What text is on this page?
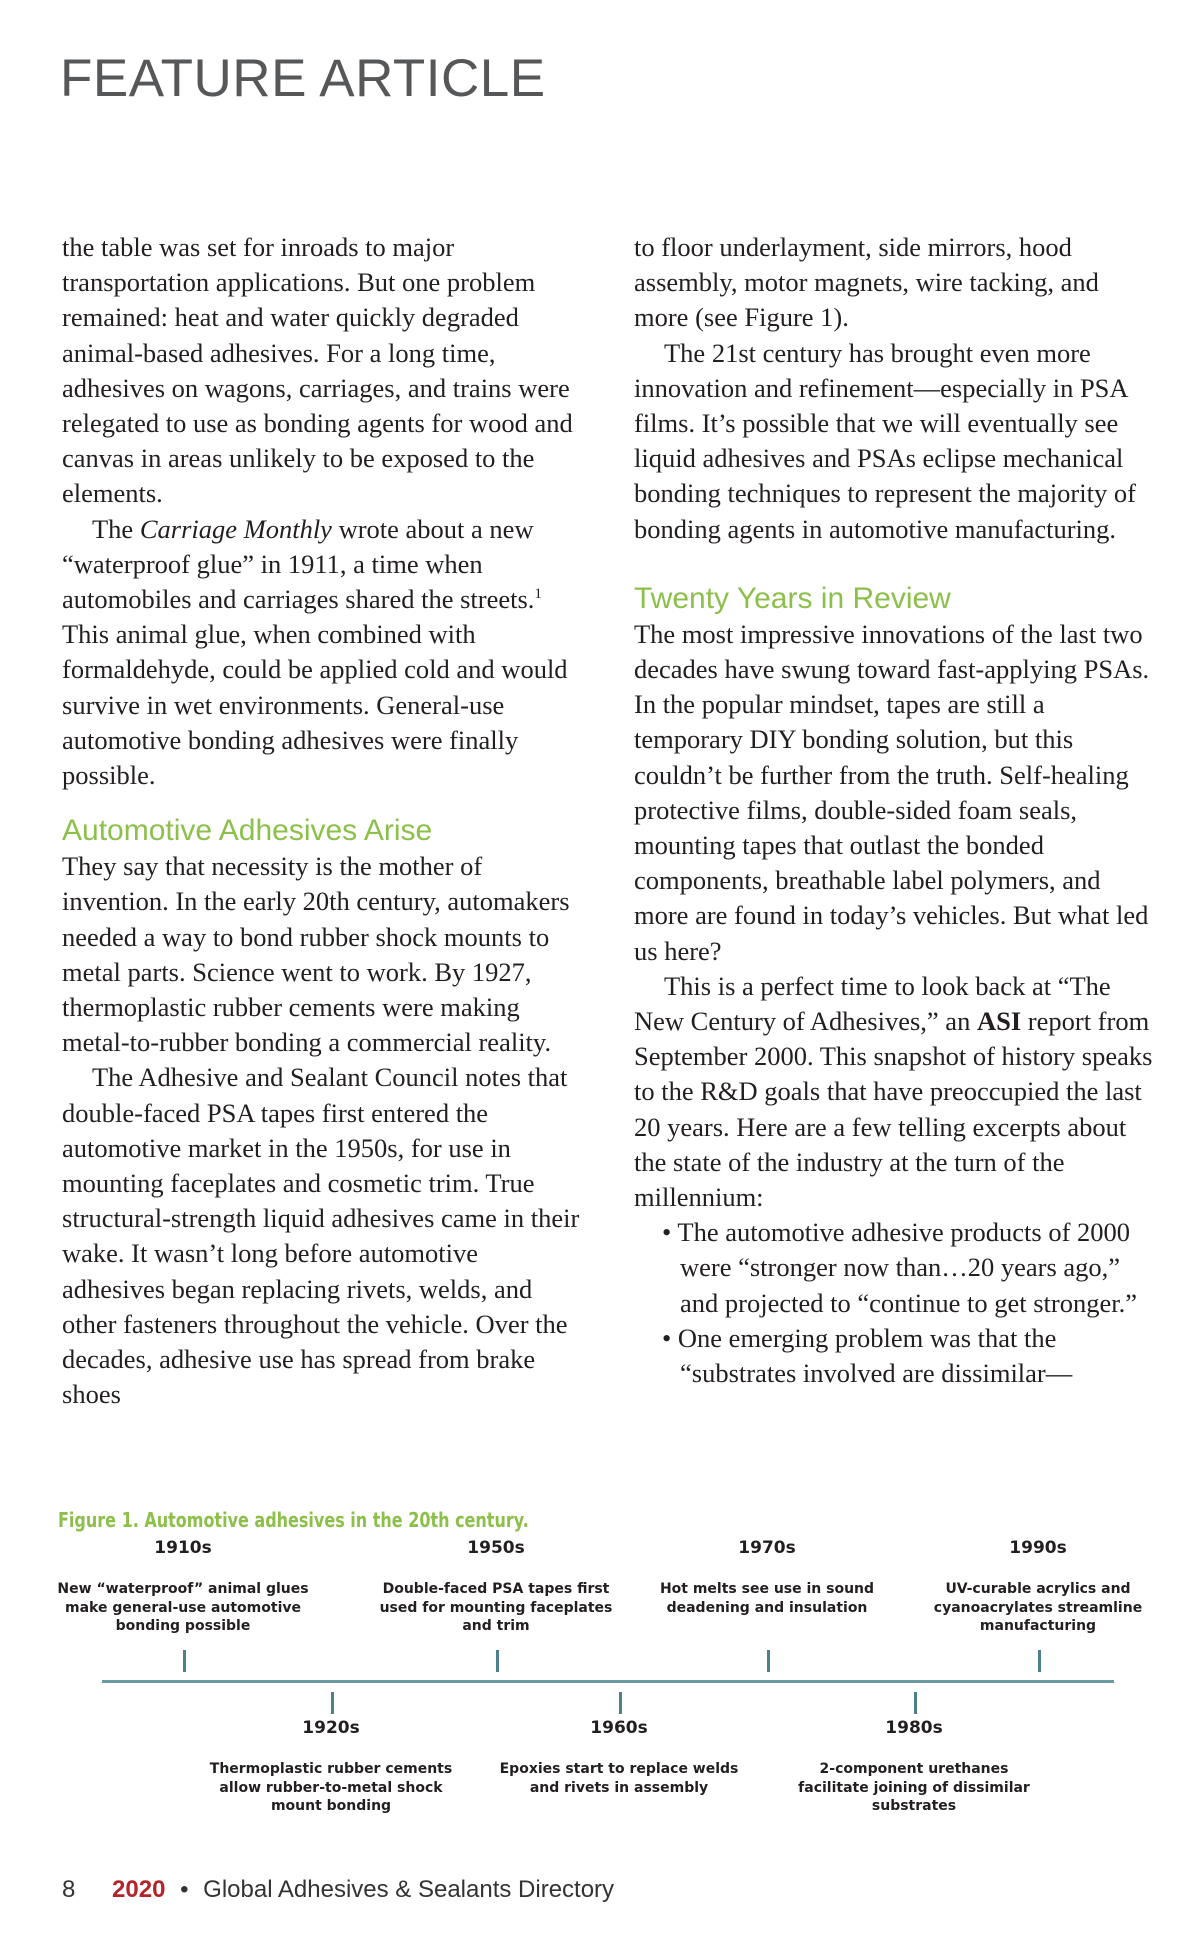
FEATURE ARTICLE

the table was set for inroads to major transportation applications. But one problem remained: heat and water quickly degraded animal-based adhesives. For a long time, adhesives on wagons, carriages, and trains were relegated to use as bonding agents for wood and canvas in areas unlikely to be exposed to the elements.

The Carriage Monthly wrote about a new “waterproof glue” in 1911, a time when automobiles and carriages shared the streets.$^1$ This animal glue, when combined with formaldehyde, could be applied cold and would survive in wet environments. General-use automotive bonding adhesives were finally possible.

Automotive Adhesives Arise

They say that necessity is the mother of invention. In the early 20th century, automakers needed a way to bond rubber shock mounts to metal parts. Science went to work. By 1927, thermoplastic rubber cements were making metal-to-rubber bonding a commercial reality.

The Adhesive and Sealant Council notes that double-faced PSA tapes first entered the automotive market in the 1950s, for use in mounting faceplates and cosmetic trim. True structural-strength liquid adhesives came in their wake. It wasn’t long before automotive adhesives began replacing rivets, welds, and other fasteners throughout the vehicle. Over the decades, adhesive use has spread from brake shoes

to floor underlayment, side mirrors, hood assembly, motor magnets, wire tacking, and more (see Figure 1).

The 21st century has brought even more innovation and refinement—especially in PSA films. It’s possible that we will eventually see liquid adhesives and PSAs eclipse mechanical bonding techniques to represent the majority of bonding agents in automotive manufacturing.

Twenty Years in Review

The most impressive innovations of the last two decades have swung toward fast-applying PSAs. In the popular mindset, tapes are still a temporary DIY bonding solution, but this couldn’t be further from the truth. Self-healing protective films, double-sided foam seals, mounting tapes that outlast the bonded components, breathable label polymers, and more are found in today’s vehicles. But what led us here?

This is a perfect time to look back at “The New Century of Adhesives,” an ASI report from September 2000. This snapshot of history speaks to the R&D goals that have preoccupied the last 20 years. Here are a few telling excerpts about the state of the industry at the turn of the millennium:

• The automotive adhesive products of 2000 were “stronger now than…20 years ago,” and projected to “continue to get stronger.”

• One emerging problem was that the “substrates involved are dissimilar—

Figure 1. Automotive adhesives in the 20th century.
1910s
New “waterproof” animal glues make general-use automotive bonding possible
1950s
Double-faced PSA tapes first used for mounting faceplates and trim
1970s
Hot melts see use in sound deadening and insulation
1990s
UV-curable acrylics and cyanoacrylates streamline manufacturing
1920s
Thermoplastic rubber cements allow rubber-to-metal shock mount bonding
1960s
Epoxies start to replace welds and rivets in assembly
1980s
2-component urethanes facilitate joining of dissimilar substrates
8 2020 • Global Adhesives & Sealants Directory
